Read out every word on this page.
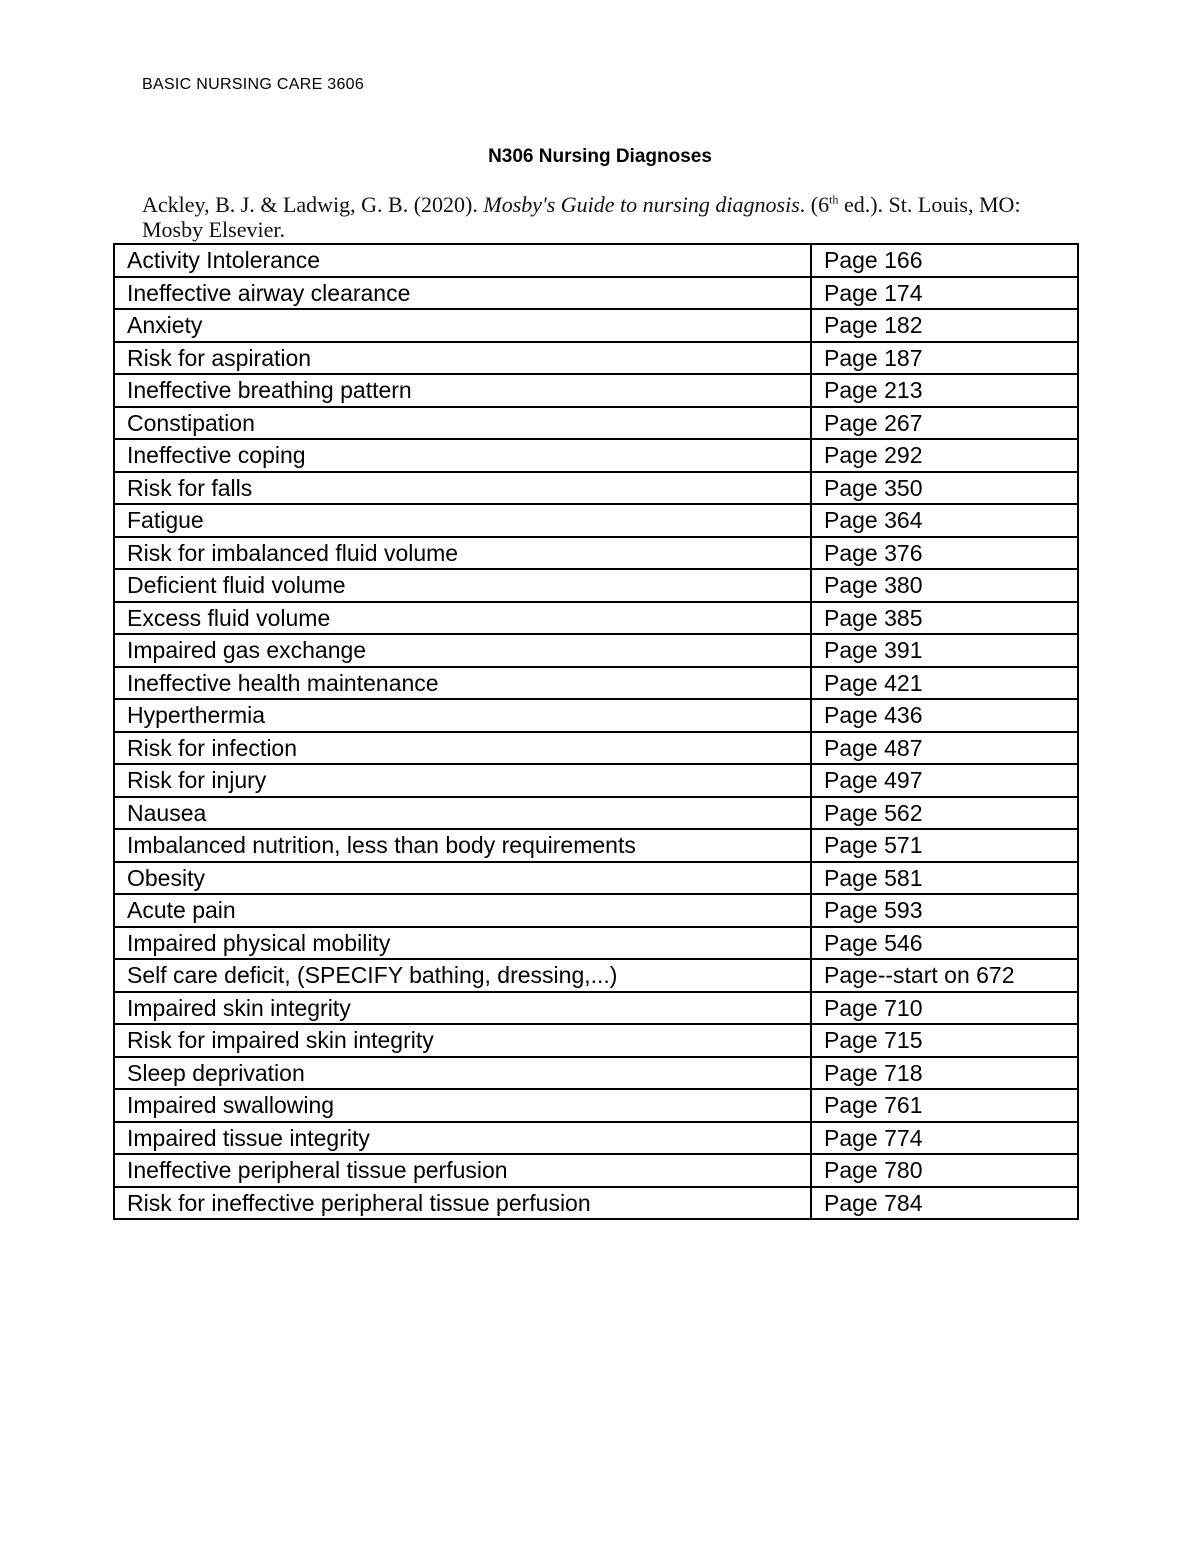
BASIC NURSING CARE 3606
N306 Nursing Diagnoses
Ackley, B. J. & Ladwig, G. B. (2020). Mosby's Guide to nursing diagnosis. (6th ed.). St. Louis, MO: Mosby Elsevier.
Activity Intolerance	Page 166
Ineffective airway clearance	Page 174
Anxiety	Page 182
Risk for aspiration	Page 187
Ineffective breathing pattern	Page 213
Constipation	Page 267
Ineffective coping	Page 292
Risk for falls	Page 350
Fatigue	Page 364
Risk for imbalanced fluid volume	Page 376
Deficient fluid volume	Page 380
Excess fluid volume	Page 385
Impaired gas exchange	Page 391
Ineffective health maintenance	Page 421
Hyperthermia	Page 436
Risk for infection	Page 487
Risk for injury	Page 497
Nausea	Page 562
Imbalanced nutrition, less than body requirements	Page 571
Obesity	Page 581
Acute pain	Page 593
Impaired physical mobility	Page 546
Self care deficit, (SPECIFY bathing, dressing,...)	Page--start on 672
Impaired skin integrity	Page 710
Risk for impaired skin integrity	Page 715
Sleep deprivation	Page 718
Impaired swallowing	Page 761
Impaired tissue integrity	Page 774
Ineffective peripheral tissue perfusion	Page 780
Risk for ineffective peripheral tissue perfusion	Page 784
